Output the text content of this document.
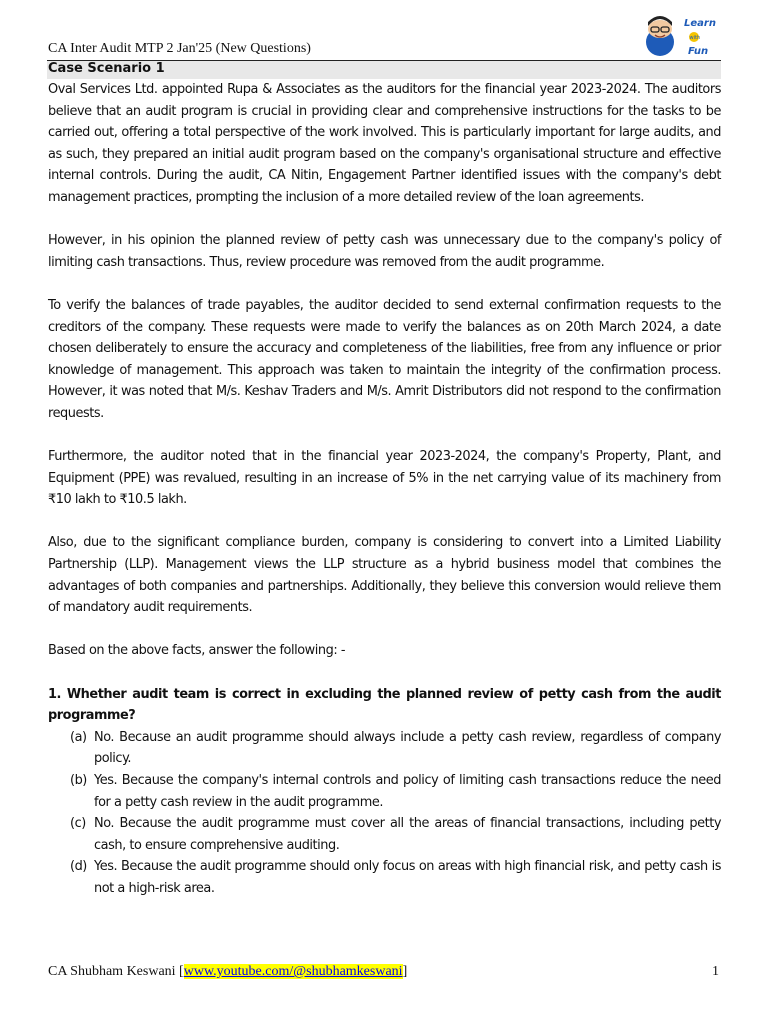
CA Inter Audit MTP 2 Jan'25 (New Questions)
Learn
with
Fun
Case Scenario 1

Oval Services Ltd. appointed Rupa & Associates as the auditors for the financial year 2023-2024. The auditors believe that an audit program is crucial in providing clear and comprehensive instructions for the tasks to be carried out, offering a total perspective of the work involved. This is particularly important for large audits, and as such, they prepared an initial audit program based on the company's organisational structure and effective internal controls. During the audit, CA Nitin, Engagement Partner identified issues with the company's debt management practices, prompting the inclusion of a more detailed review of the loan agreements.

However, in his opinion the planned review of petty cash was unnecessary due to the company's policy of limiting cash transactions. Thus, review procedure was removed from the audit programme.

To verify the balances of trade payables, the auditor decided to send external confirmation requests to the creditors of the company. These requests were made to verify the balances as on 20th March 2024, a date chosen deliberately to ensure the accuracy and completeness of the liabilities, free from any influence or prior knowledge of management. This approach was taken to maintain the integrity of the confirmation process. However, it was noted that M/s. Keshav Traders and M/s. Amrit Distributors did not respond to the confirmation requests.

Furthermore, the auditor noted that in the financial year 2023-2024, the company's Property, Plant, and Equipment (PPE) was revalued, resulting in an increase of 5% in the net carrying value of its machinery from ₹10 lakh to ₹10.5 lakh.

Also, due to the significant compliance burden, company is considering to convert into a Limited Liability Partnership (LLP). Management views the LLP structure as a hybrid business model that combines the advantages of both companies and partnerships. Additionally, they believe this conversion would relieve them of mandatory audit requirements.

Based on the above facts, answer the following: -

1. Whether audit team is correct in excluding the planned review of petty cash from the audit programme?
(a) No. Because an audit programme should always include a petty cash review, regardless of company policy.
(b) Yes. Because the company's internal controls and policy of limiting cash transactions reduce the need for a petty cash review in the audit programme.
(c) No. Because the audit programme must cover all the areas of financial transactions, including petty cash, to ensure comprehensive auditing.
(d) Yes. Because the audit programme should only focus on areas with high financial risk, and petty cash is not a high-risk area.
CA Shubham Keswani [www.youtube.com/@shubhamkeswani]	1
